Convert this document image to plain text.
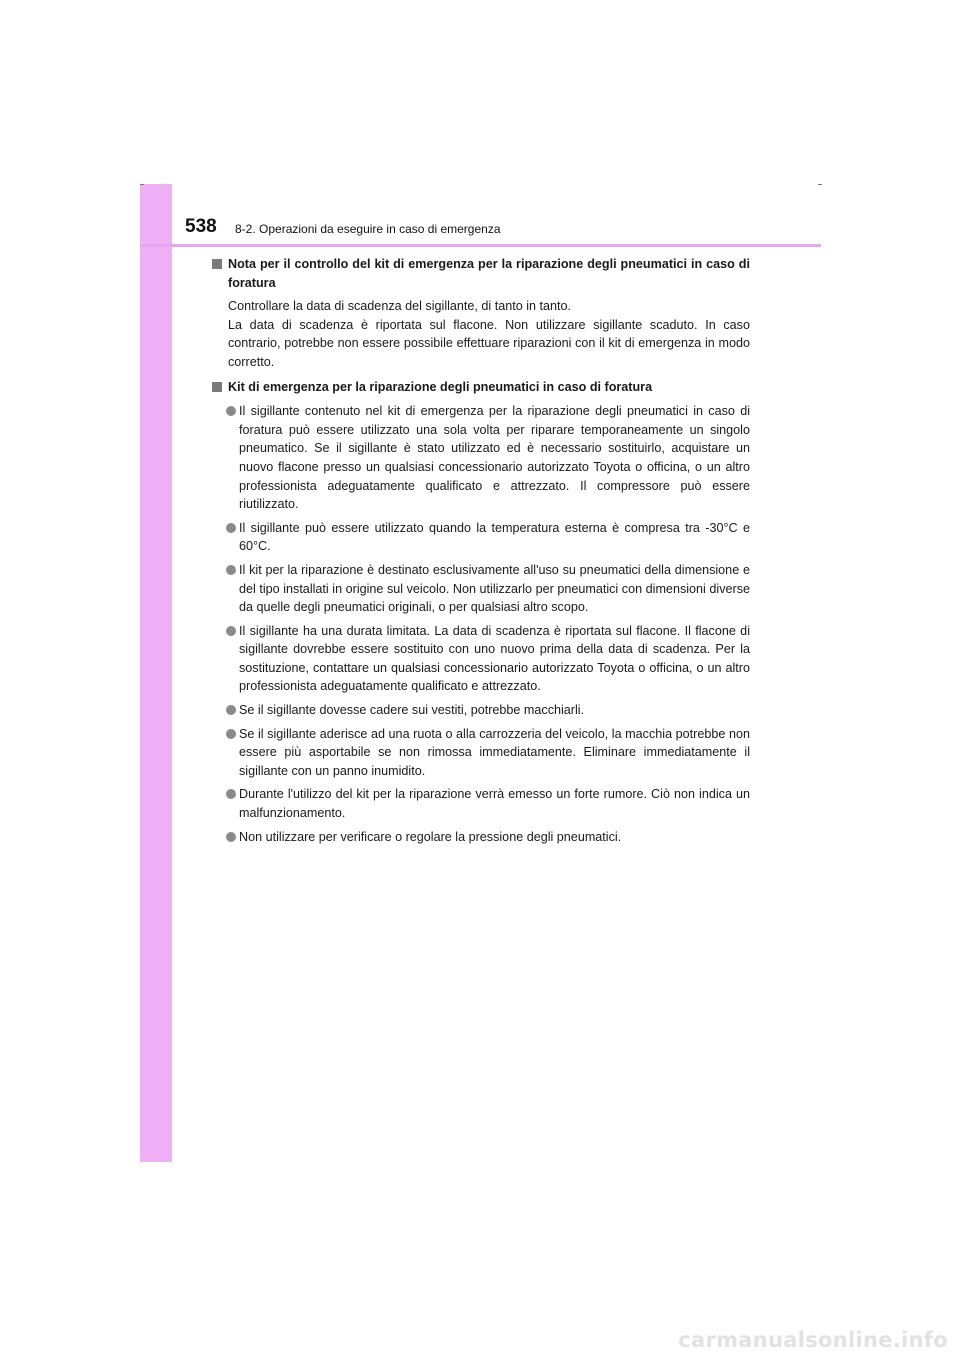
538 8-2. Operazioni da eseguire in caso di emergenza

Nota per il controllo del kit di emergenza per la riparazione degli pneumatici in caso di foratura

Controllare la data di scadenza del sigillante, di tanto in tanto.
La data di scadenza è riportata sul flacone. Non utilizzare sigillante scaduto. In caso contrario, potrebbe non essere possibile effettuare riparazioni con il kit di emergenza in modo corretto.

Kit di emergenza per la riparazione degli pneumatici in caso di foratura

Il sigillante contenuto nel kit di emergenza per la riparazione degli pneumatici in caso di foratura può essere utilizzato una sola volta per riparare temporaneamente un singolo pneumatico. Se il sigillante è stato utilizzato ed è necessario sostituirlo, acquistare un nuovo flacone presso un qualsiasi concessionario autorizzato Toyota o officina, o un altro professionista adeguatamente qualificato e attrezzato. Il compressore può essere riutilizzato.
Il sigillante può essere utilizzato quando la temperatura esterna è compresa tra -30°C e 60°C.
Il kit per la riparazione è destinato esclusivamente all'uso su pneumatici della dimensione e del tipo installati in origine sul veicolo. Non utilizzarlo per pneumatici con dimensioni diverse da quelle degli pneumatici originali, o per qualsiasi altro scopo.
Il sigillante ha una durata limitata. La data di scadenza è riportata sul flacone. Il flacone di sigillante dovrebbe essere sostituito con uno nuovo prima della data di scadenza. Per la sostituzione, contattare un qualsiasi concessionario autorizzato Toyota o officina, o un altro professionista adeguatamente qualificato e attrezzato.
Se il sigillante dovesse cadere sui vestiti, potrebbe macchiarli.
Se il sigillante aderisce ad una ruota o alla carrozzeria del veicolo, la macchia potrebbe non essere più asportabile se non rimossa immediatamente. Eliminare immediatamente il sigillante con un panno inumidito.
Durante l'utilizzo del kit per la riparazione verrà emesso un forte rumore. Ciò non indica un malfunzionamento.
Non utilizzare per verificare o regolare la pressione degli pneumatici.
carmanualsonline.info
